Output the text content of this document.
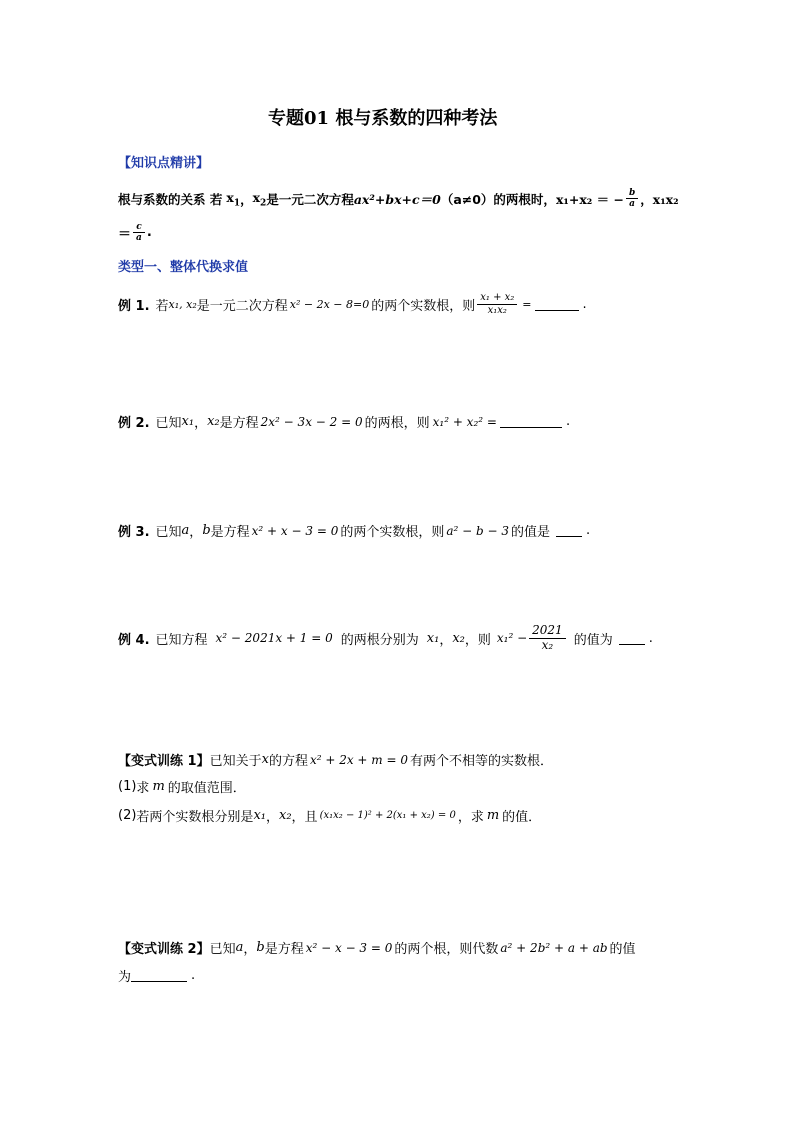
专题01 根与系数的四种考法
【知识点精讲】
根与系数的关系 若 $x_1$ ， $x_2$ 是一元二次方程 ax²+bx+c＝0 （a≠0） 的两根时， x₁+x₂ ＝ − $\frac{b}{a}$ ，x₁x₂
＝ $\frac{c}{a}$ .
类型一、整体代换求值
例 1. 若 x₁, x₂ 是一元二次方程 x² − 2x − 8=0 的两个实数根，则 $\frac{\text{x₁ + x₂}}{\text{x₁x₂}}$ =	.
例 2. 已知 x₁ ， x₂ 是方程 2x² − 3x − 2 = 0 的两根，则 x₁² + x₂² =	.
例 3. 已知 a ， b 是方程 x² + x − 3 = 0 的两个实数根，则 a² − b − 3 的值是	.
例 4. 已知方程 x² − 2021x + 1 = 0 的两根分别为 x₁ ， x₂ ，则 $x_1^2 - \frac{2021}{\text{x₂}}$ 的值为	.
【变式训练 1】 已知关于 x 的方程 x² + 2x + m = 0 有两个不相等的实数根．
(1) 求 m 的取值范围．
(2) 若两个实数根分别是 x₁ ， x₂ ，且 (x₁x₂ − 1)² + 2(x₁ + x₂) = 0 ，求 m 的值．
【变式训练 2】 已知 a ， b 是方程 x² − x − 3 = 0 的两个根，则代数 a² + 2b² + a + ab 的值
为	.
